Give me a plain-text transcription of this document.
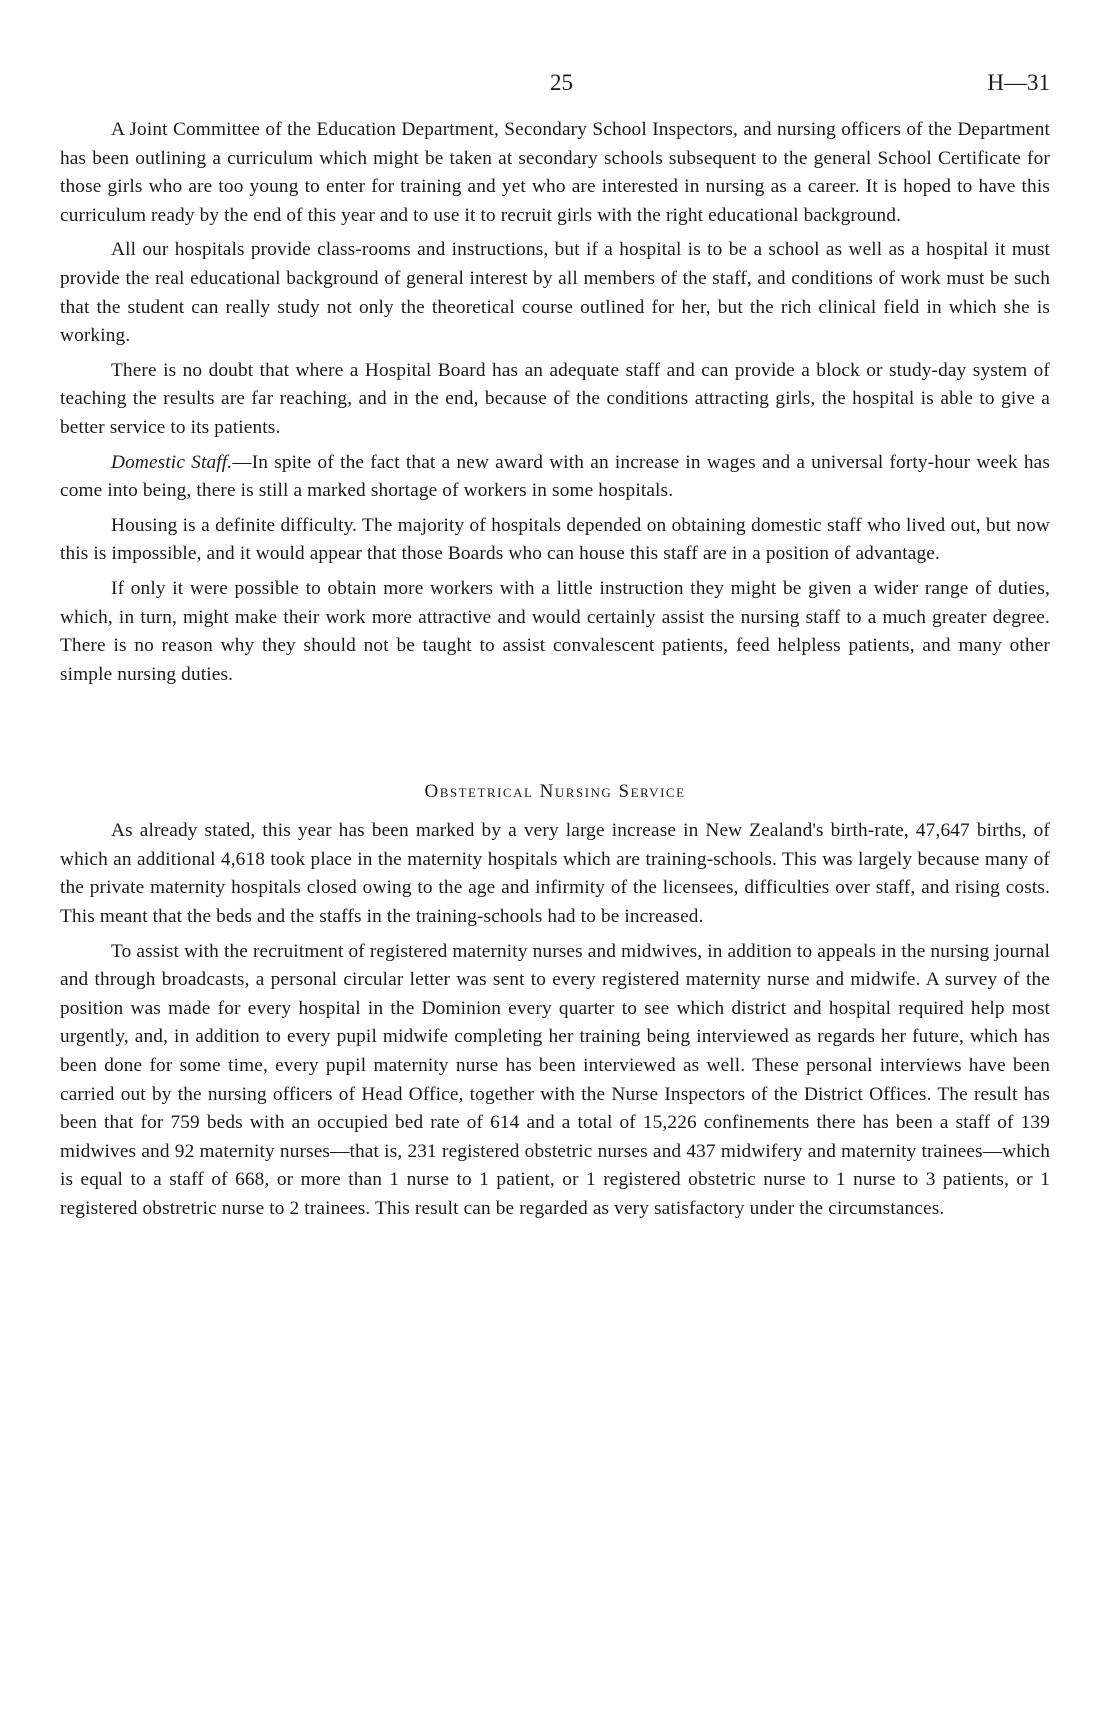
25	H—31

A Joint Committee of the Education Department, Secondary School Inspectors, and nursing officers of the Department has been outlining a curriculum which might be taken at secondary schools subsequent to the general School Certificate for those girls who are too young to enter for training and yet who are interested in nursing as a career. It is hoped to have this curriculum ready by the end of this year and to use it to recruit girls with the right educational background.

All our hospitals provide class-rooms and instructions, but if a hospital is to be a school as well as a hospital it must provide the real educational background of general interest by all members of the staff, and conditions of work must be such that the student can really study not only the theoretical course outlined for her, but the rich clinical field in which she is working.

There is no doubt that where a Hospital Board has an adequate staff and can provide a block or study-day system of teaching the results are far reaching, and in the end, because of the conditions attracting girls, the hospital is able to give a better service to its patients.

Domestic Staff.—In spite of the fact that a new award with an increase in wages and a universal forty-hour week has come into being, there is still a marked shortage of workers in some hospitals.

Housing is a definite difficulty. The majority of hospitals depended on obtaining domestic staff who lived out, but now this is impossible, and it would appear that those Boards who can house this staff are in a position of advantage.

If only it were possible to obtain more workers with a little instruction they might be given a wider range of duties, which, in turn, might make their work more attractive and would certainly assist the nursing staff to a much greater degree. There is no reason why they should not be taught to assist convalescent patients, feed helpless patients, and many other simple nursing duties.

Obstetrical Nursing Service

As already stated, this year has been marked by a very large increase in New Zealand's birth-rate, 47,647 births, of which an additional 4,618 took place in the maternity hospitals which are training-schools. This was largely because many of the private maternity hospitals closed owing to the age and infirmity of the licensees, difficulties over staff, and rising costs. This meant that the beds and the staffs in the training-schools had to be increased.

To assist with the recruitment of registered maternity nurses and midwives, in addition to appeals in the nursing journal and through broadcasts, a personal circular letter was sent to every registered maternity nurse and midwife. A survey of the position was made for every hospital in the Dominion every quarter to see which district and hospital required help most urgently, and, in addition to every pupil midwife completing her training being interviewed as regards her future, which has been done for some time, every pupil maternity nurse has been interviewed as well. These personal interviews have been carried out by the nursing officers of Head Office, together with the Nurse Inspectors of the District Offices. The result has been that for 759 beds with an occupied bed rate of 614 and a total of 15,226 confinements there has been a staff of 139 midwives and 92 maternity nurses—that is, 231 registered obstetric nurses and 437 midwifery and maternity trainees—which is equal to a staff of 668, or more than 1 nurse to 1 patient, or 1 registered obstetric nurse to 1 nurse to 3 patients, or 1 registered obstretric nurse to 2 trainees. This result can be regarded as very satisfactory under the circumstances.
